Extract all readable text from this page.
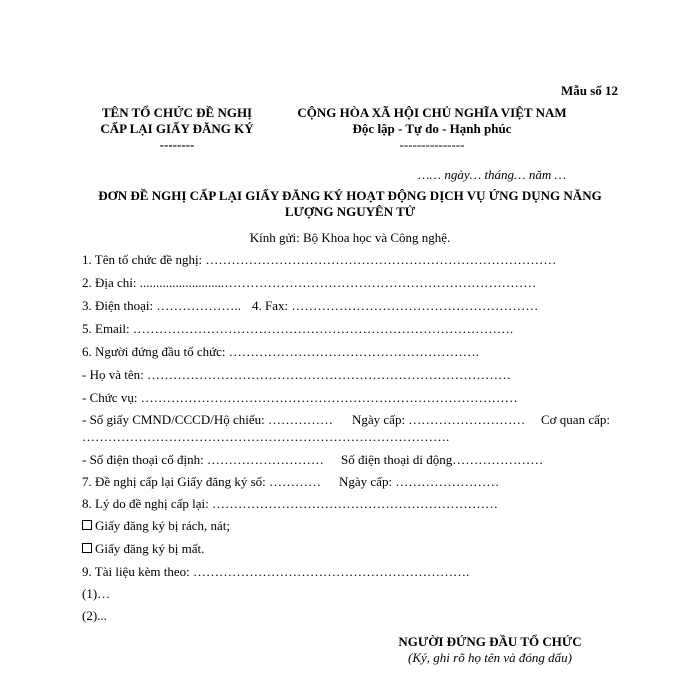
Mẫu số 12
TÊN TỔ CHỨC ĐỀ NGHỊ
CẤP LẠI GIẤY ĐĂNG KÝ
--------
CỘNG HÒA XÃ HỘI CHỦ NGHĨA VIỆT NAM
Độc lập - Tự do - Hạnh phúc
---------------
…… ngày… tháng… năm …
ĐƠN ĐỀ NGHỊ CẤP LẠI GIẤY ĐĂNG KÝ HOẠT ĐỘNG DỊCH VỤ ỨNG DỤNG NĂNG
LƯỢNG NGUYÊN TỬ
Kính gửi: Bộ Khoa học và Công nghệ.
1. Tên tổ chức đề nghị: ………………………………………………………………………
2. Địa chỉ: ..........................………………………………………………………………
3. Điện thoại: ……………….. 4. Fax: …………………………………………………
5. Email: …………………………………………………………………………….
6. Người đứng đầu tổ chức: ………………………………………………….
- Họ và tên: …………………………………………………………………………
- Chức vụ: ……………………………………………………………………………
- Số giấy CMND/CCCD/Hộ chiếu: …………… Ngày cấp: ……………………… Cơ quan cấp:
………………………………………………………………………….
- Số điện thoại cố định: ……………………… Số điện thoại di động…………………
7. Đề nghị cấp lại Giấy đăng ký số: ………… Ngày cấp: ……………………
8. Lý do đề nghị cấp lại: …………………………………………………………
Giấy đăng ký bị rách, nát;
Giấy đăng ký bị mất.
9. Tài liệu kèm theo: ……………………………………………………….
(1)…
(2)...
NGƯỜI ĐỨNG ĐẦU TỔ CHỨC
(Ký, ghi rõ họ tên và đóng dấu)
